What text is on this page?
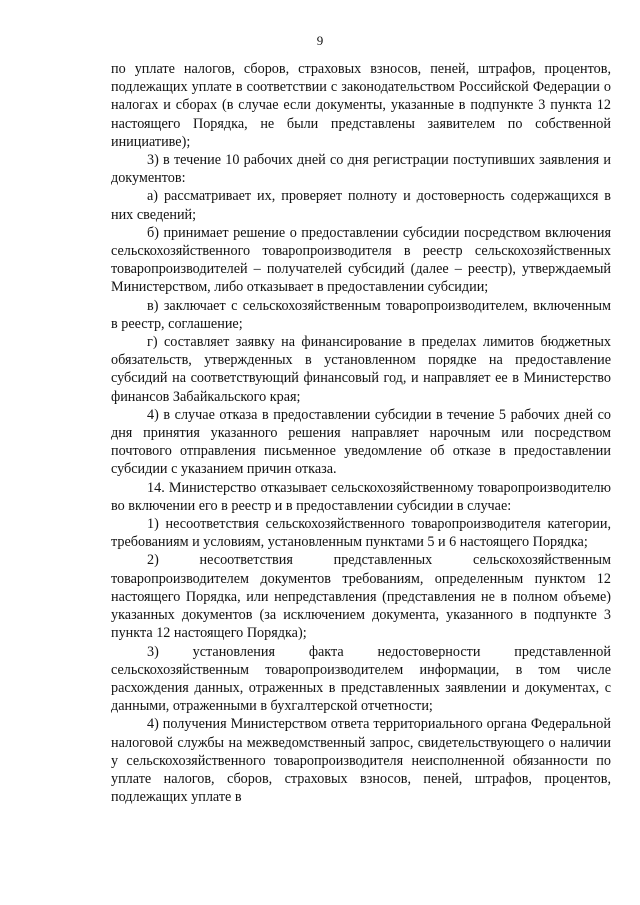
9

по уплате налогов, сборов, страховых взносов, пеней, штрафов, процентов, подлежащих уплате в соответствии с законодательством Российской Федерации о налогах и сборах (в случае если документы, указанные в подпункте 3 пункта 12 настоящего Порядка, не были представлены заявителем по собственной инициативе);

3) в течение 10 рабочих дней со дня регистрации поступивших заявления и документов:

а) рассматривает их, проверяет полноту и достоверность содержащихся в них сведений;

б) принимает решение о предоставлении субсидии посредством включения сельскохозяйственного товаропроизводителя в реестр сельскохозяйственных товаропроизводителей – получателей субсидий (далее – реестр), утверждаемый Министерством, либо отказывает в предоставлении субсидии;

в) заключает с сельскохозяйственным товаропроизводителем, включенным в реестр, соглашение;

г) составляет заявку на финансирование в пределах лимитов бюджетных обязательств, утвержденных в установленном порядке на предоставление субсидий на соответствующий финансовый год, и направляет ее в Министерство финансов Забайкальского края;

4) в случае отказа в предоставлении субсидии в течение 5 рабочих дней со дня принятия указанного решения направляет нарочным или посредством почтового отправления письменное уведомление об отказе в предоставлении субсидии с указанием причин отказа.

14. Министерство отказывает сельскохозяйственному товаропроизводителю во включении его в реестр и в предоставлении субсидии в случае:

1) несоответствия сельскохозяйственного товаропроизводителя категории, требованиям и условиям, установленным пунктами 5 и 6 настоящего Порядка;

2) несоответствия представленных сельскохозяйственным товаропроизводителем документов требованиям, определенным пунктом 12 настоящего Порядка, или непредставления (представления не в полном объеме) указанных документов (за исключением документа, указанного в подпункте 3 пункта 12 настоящего Порядка);

3) установления факта недостоверности представленной сельскохозяйственным товаропроизводителем информации, в том числе расхождения данных, отраженных в представленных заявлении и документах, с данными, отраженными в бухгалтерской отчетности;

4) получения Министерством ответа территориального органа Федеральной налоговой службы на межведомственный запрос, свидетельствующего о наличии у сельскохозяйственного товаропроизводителя неисполненной обязанности по уплате налогов, сборов, страховых взносов, пеней, штрафов, процентов, подлежащих уплате в
